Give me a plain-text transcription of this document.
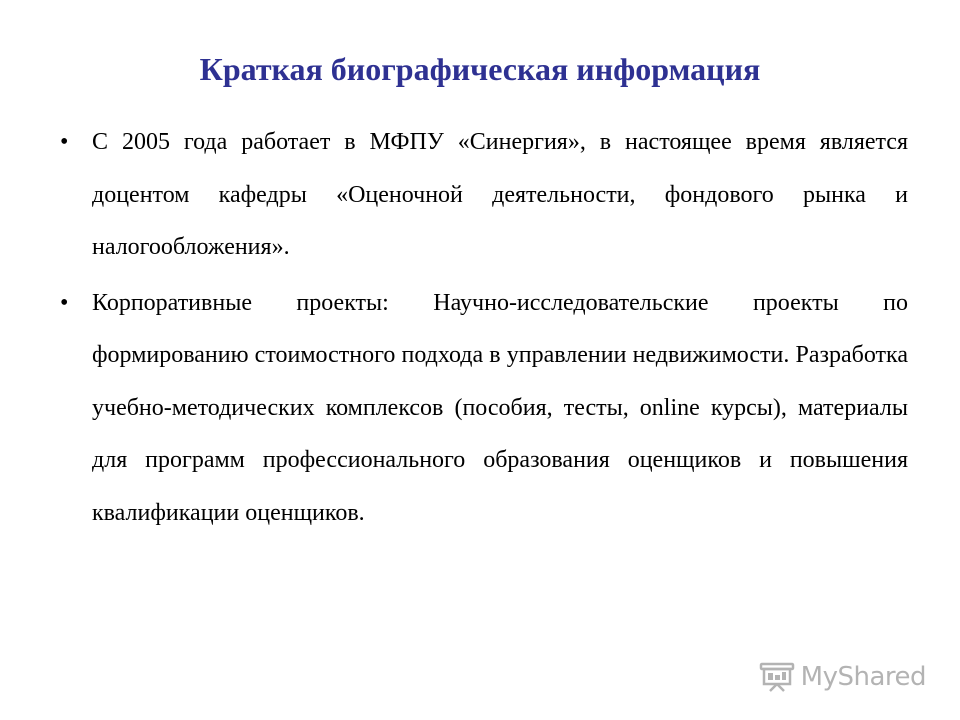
Краткая биографическая информация
• С 2005 года работает в МФПУ «Синергия», в настоящее время является доцентом кафедры «Оценочной деятельности, фондового рынка и налогообложения».
• Корпоративные проекты: Научно-исследовательские проекты по формированию стоимостного подхода в управлении недвижимости. Разработка учебно-методических комплексов (пособия, тесты, online курсы), материалы для программ профессионального образования оценщиков и повышения квалификации оценщиков.
MyShared
